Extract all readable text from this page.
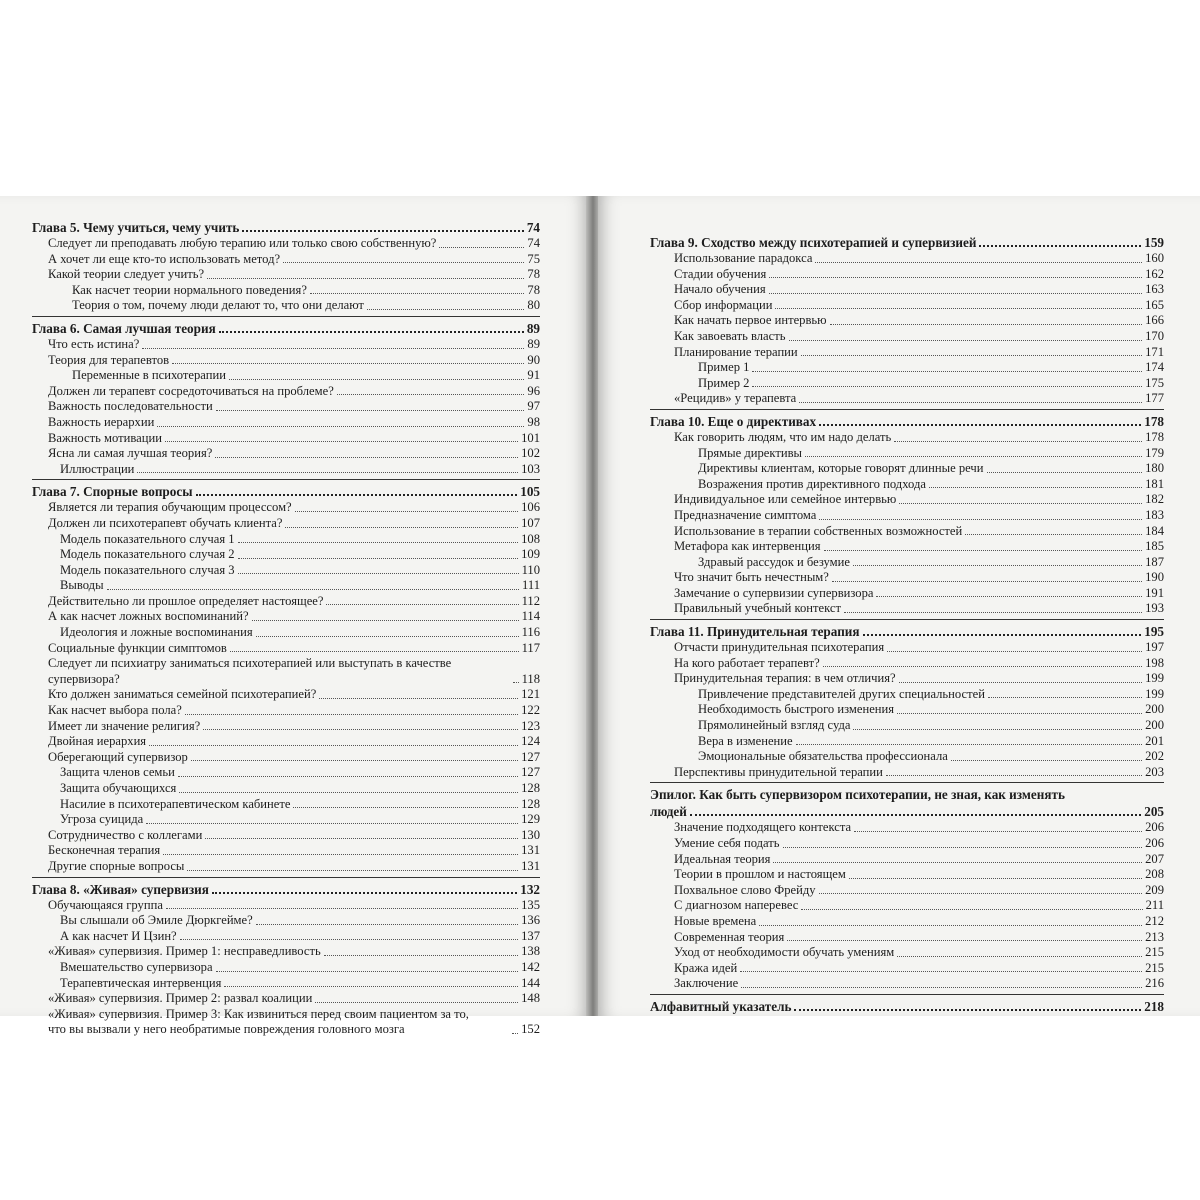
Глава 5. Чему учиться, чему учить	74
Следует ли преподавать любую терапию или только свою собственную?	74
А хочет ли еще кто-то использовать метод?	75
Какой теории следует учить?	78
Как насчет теории нормального поведения?	78
Теория о том, почему люди делают то, что они делают	80
Глава 6. Самая лучшая теория	89
Что есть истина?	89
Теория для терапевтов	90
Переменные в психотерапии	91
Должен ли терапевт сосредоточиваться на проблеме?	96
Важность последовательности	97
Важность иерархии	98
Важность мотивации	101
Ясна ли самая лучшая теория?	102
Иллюстрации	103
Глава 7. Спорные вопросы	105
Является ли терапия обучающим процессом?	106
Должен ли психотерапевт обучать клиента?	107
Модель показательного случая 1	108
Модель показательного случая 2	109
Модель показательного случая 3	110
Выводы	111
Действительно ли прошлое определяет настоящее?	112
А как насчет ложных воспоминаний?	114
Идеология и ложные воспоминания	116
Социальные функции симптомов	117
Следует ли психиатру заниматься психотерапией или выступать в качестве супервизора?	118
Кто должен заниматься семейной психотерапией?	121
Как насчет выбора пола?	122
Имеет ли значение религия?	123
Двойная иерархия	124
Оберегающий супервизор	127
Защита членов семьи	127
Защита обучающихся	128
Насилие в психотерапевтическом кабинете	128
Угроза суицида	129
Сотрудничество с коллегами	130
Бесконечная терапия	131
Другие спорные вопросы	131
Глава 8. «Живая» супервизия	132
Обучающаяся группа	135
Вы слышали об Эмиле Дюркгейме?	136
А как насчет И Цзин?	137
«Живая» супервизия. Пример 1: несправедливость	138
Вмешательство супервизора	142
Терапевтическая интервенция	144
«Живая» супервизия. Пример 2: развал коалиции	148
«Живая» супервизия. Пример 3: Как извиниться перед своим пациентом за то, что вы вызвали у него необратимые повреждения головного мозга	152
Глава 9. Сходство между психотерапией и супервизией	159
Использование парадокса	160
Стадии обучения	162
Начало обучения	163
Сбор информации	165
Как начать первое интервью	166
Как завоевать власть	170
Планирование терапии	171
Пример 1	174
Пример 2	175
«Рецидив» у терапевта	177
Глава 10. Еще о директивах	178
Как говорить людям, что им надо делать	178
Прямые директивы	179
Директивы клиентам, которые говорят длинные речи	180
Возражения против директивного подхода	181
Индивидуальное или семейное интервью	182
Предназначение симптома	183
Использование в терапии собственных возможностей	184
Метафора как интервенция	185
Здравый рассудок и безумие	187
Что значит быть нечестным?	190
Замечание о супервизии супервизора	191
Правильный учебный контекст	193
Глава 11. Принудительная терапия	195
Отчасти принудительная психотерапия	197
На кого работает терапевт?	198
Принудительная терапия: в чем отличия?	199
Привлечение представителей других специальностей	199
Необходимость быстрого изменения	200
Прямолинейный взгляд суда	200
Вера в изменение	201
Эмоциональные обязательства профессионала	202
Перспективы принудительной терапии	203
Эпилог. Как быть супервизором психотерапии, не зная, как изменять
людей	205
Значение подходящего контекста	206
Умение себя подать	206
Идеальная теория	207
Теории в прошлом и настоящем	208
Похвальное слово Фрейду	209
С диагнозом наперевес	211
Новые времена	212
Современная теория	213
Уход от необходимости обучать умениям	215
Кража идей	215
Заключение	216
Алфавитный указатель	218
